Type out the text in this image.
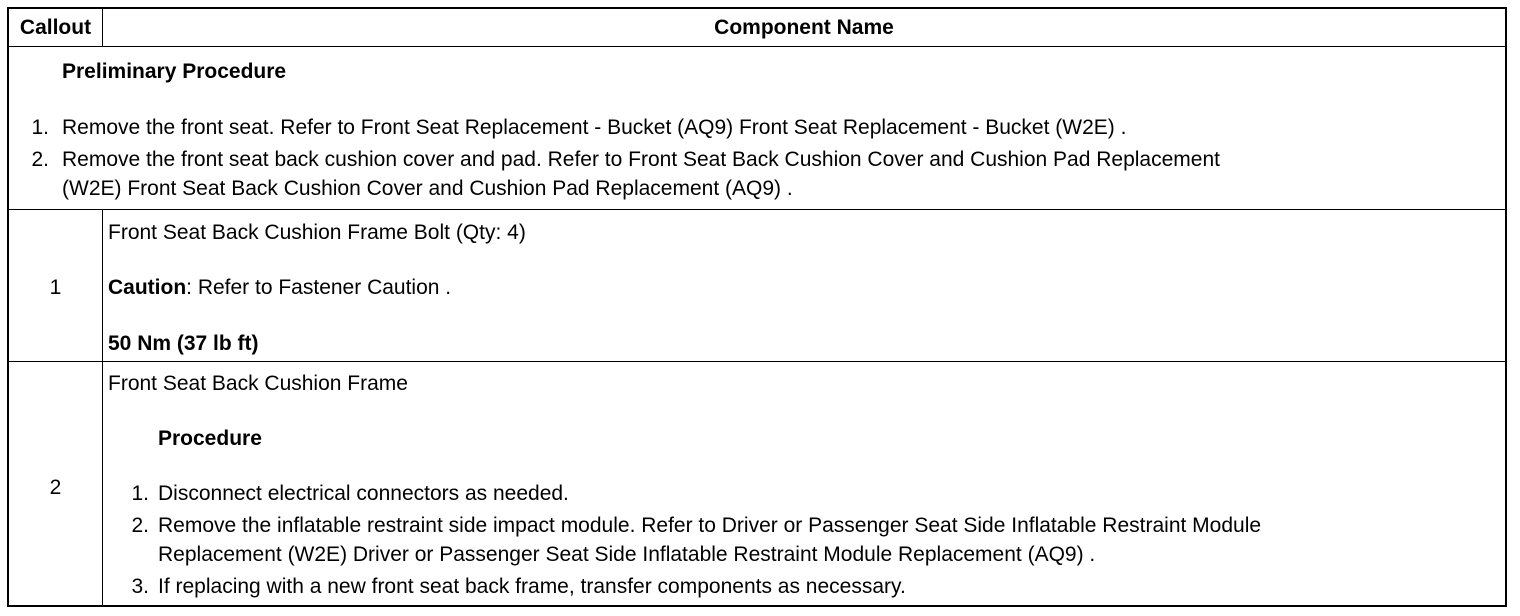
Callout	Component Name
Preliminary Procedure
1. Remove the front seat. Refer to Front Seat Replacement - Bucket (AQ9) Front Seat Replacement - Bucket (W2E) .
2. Remove the front seat back cushion cover and pad. Refer to Front Seat Back Cushion Cover and Cushion Pad Replacement
(W2E) Front Seat Back Cushion Cover and Cushion Pad Replacement (AQ9) .
1
Front Seat Back Cushion Frame Bolt (Qty: 4)
Caution: Refer to Fastener Caution .
50 Nm (37 lb ft)
2
Front Seat Back Cushion Frame
Procedure
1. Disconnect electrical connectors as needed.
2. Remove the inflatable restraint side impact module. Refer to Driver or Passenger Seat Side Inflatable Restraint Module
Replacement (W2E) Driver or Passenger Seat Side Inflatable Restraint Module Replacement (AQ9) .
3. If replacing with a new front seat back frame, transfer components as necessary.
